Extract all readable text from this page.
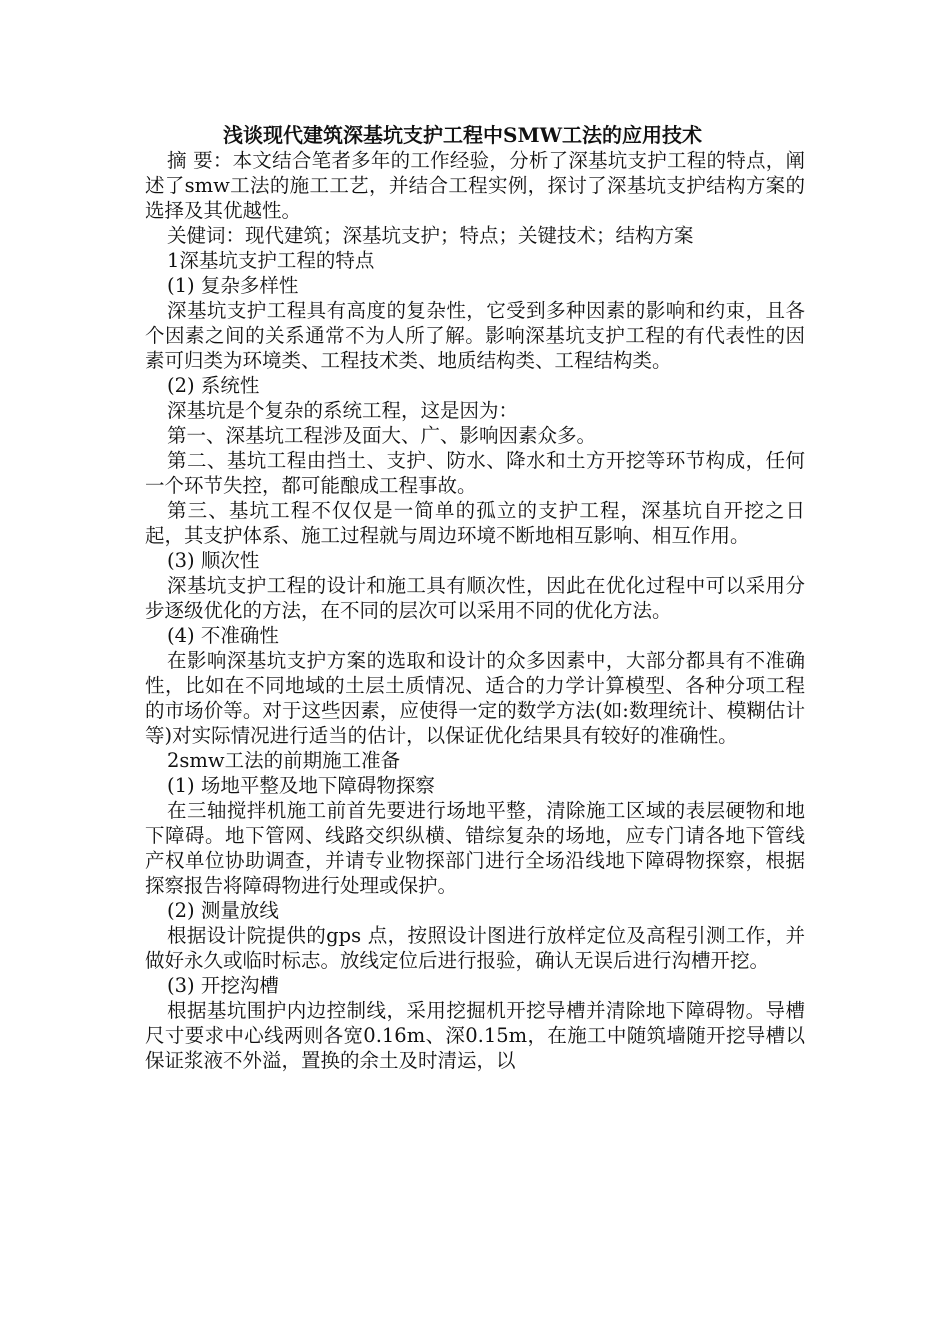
浅谈现代建筑深基坑支护工程中SMW工法的应用技术

摘 要：本文结合笔者多年的工作经验，分析了深基坑支护工程的特点，阐述了smw工法的施工工艺，并结合工程实例，探讨了深基坑支护结构方案的选择及其优越性。

关健词：现代建筑；深基坑支护；特点；关键技术；结构方案

1深基坑支护工程的特点

(1) 复杂多样性

深基坑支护工程具有高度的复杂性，它受到多种因素的影响和约束，且各个因素之间的关系通常不为人所了解。影响深基坑支护工程的有代表性的因素可归类为环境类、工程技术类、地质结构类、工程结构类。

(2) 系统性

深基坑是个复杂的系统工程，这是因为：

第一、深基坑工程涉及面大、广、影响因素众多。

第二、基坑工程由挡土、支护、防水、降水和土方开挖等环节构成，任何一个环节失控，都可能酿成工程事故。

第三、基坑工程不仅仅是一简单的孤立的支护工程，深基坑自开挖之日起，其支护体系、施工过程就与周边环境不断地相互影响、相互作用。

(3) 顺次性

深基坑支护工程的设计和施工具有顺次性，因此在优化过程中可以采用分步逐级优化的方法，在不同的层次可以采用不同的优化方法。

(4) 不准确性

在影响深基坑支护方案的选取和设计的众多因素中，大部分都具有不准确性，比如在不同地域的土层土质情况、适合的力学计算模型、各种分项工程的市场价等。对于这些因素，应使得一定的数学方法(如:数理统计、模糊估计等)对实际情况进行适当的估计，以保证优化结果具有较好的准确性。

2smw工法的前期施工准备

(1) 场地平整及地下障碍物探察

在三轴搅拌机施工前首先要进行场地平整，清除施工区域的表层硬物和地下障碍。地下管网、线路交织纵横、错综复杂的场地，应专门请各地下管线产权单位协助调查，并请专业物探部门进行全场沿线地下障碍物探察，根据探察报告将障碍物进行处理或保护。

(2) 测量放线

根据设计院提供的gps 点，按照设计图进行放样定位及高程引测工作，并做好永久或临时标志。放线定位后进行报验，确认无误后进行沟槽开挖。

(3) 开挖沟槽

根据基坑围护内边控制线，采用挖掘机开挖导槽并清除地下障碍物。导槽尺寸要求中心线两则各宽0.16m、深0.15m，在施工中随筑墙随开挖导槽以保证浆液不外溢，置换的余土及时清运，以
